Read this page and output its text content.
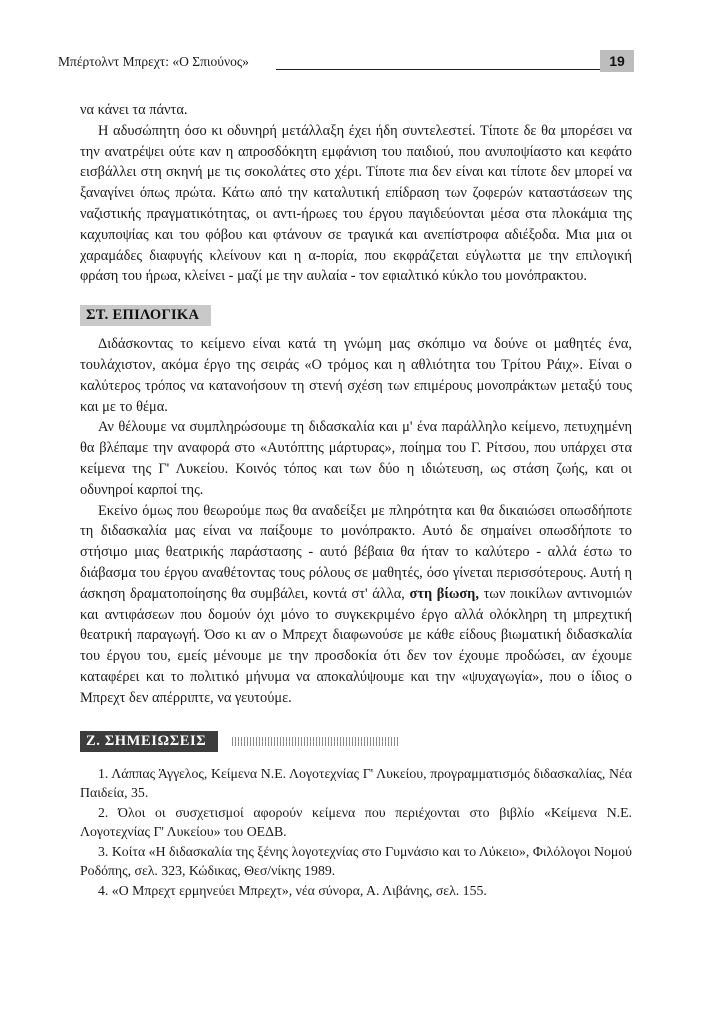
Μπέρτολντ Μπρεχτ: «Ο Σπιούνος»	19

να κάνει τα πάντα.

Η αδυσώπητη όσο κι οδυνηρή μετάλλαξη έχει ήδη συντελεστεί. Τίποτε δε θα μπορέσει να την ανατρέψει ούτε καν η απροσδόκητη εμφάνιση του παιδιού, που ανυποψίαστο και κεφάτο εισβάλλει στη σκηνή με τις σοκολάτες στο χέρι. Τίποτε πια δεν είναι και τίποτε δεν μπορεί να ξαναγίνει όπως πρώτα. Κάτω από την καταλυτική επίδραση των ζοφερών καταστάσεων της ναζιστικής πραγματικότητας, οι αντι-ήρωες του έργου παγιδεύονται μέσα στα πλοκάμια της καχυποψίας και του φόβου και φτάνουν σε τραγικά και ανεπίστροφα αδιέξοδα. Μια μια οι χαραμάδες διαφυγής κλείνουν και η α-πορία, που εκφράζεται εύγλωττα με την επιλογική φράση του ήρωα, κλείνει - μαζί με την αυλαία - τον εφιαλτικό κύκλο του μονόπρακτου.

ΣΤ. ΕΠΙΛΟΓΙΚΑ

Διδάσκοντας το κείμενο είναι κατά τη γνώμη μας σκόπιμο να δούνε οι μαθητές ένα, τουλάχιστον, ακόμα έργο της σειράς «Ο τρόμος και η αθλιότητα του Τρίτου Ράιχ». Είναι ο καλύτερος τρόπος να κατανοήσουν τη στενή σχέση των επιμέρους μονοπράκτων μεταξύ τους και με το θέμα.

Αν θέλουμε να συμπληρώσουμε τη διδασκαλία και μ' ένα παράλληλο κείμενο, πετυχημένη θα βλέπαμε την αναφορά στο «Αυτόπτης μάρτυρας», ποίημα του Γ. Ρίτσου, που υπάρχει στα κείμενα της Γ' Λυκείου. Κοινός τόπος και των δύο η ιδιώτευση, ως στάση ζωής, και οι οδυνηροί καρποί της.

Εκείνο όμως που θεωρούμε πως θα αναδείξει με πληρότητα και θα δικαιώσει οπωσδήποτε τη διδασκαλία μας είναι να παίξουμε το μονόπρακτο. Αυτό δε σημαίνει οπωσδήποτε το στήσιμο μιας θεατρικής παράστασης - αυτό βέβαια θα ήταν το καλύτερο - αλλά έστω το διάβασμα του έργου αναθέτοντας τους ρόλους σε μαθητές, όσο γίνεται περισσότερους. Αυτή η άσκηση δραματοποίησης θα συμβάλει, κοντά στ' άλλα, στη βίωση, των ποικίλων αντινομιών και αντιφάσεων που δομούν όχι μόνο το συγκεκριμένο έργο αλλά ολόκληρη τη μπρεχτική θεατρική παραγωγή. Όσο κι αν ο Μπρεχτ διαφωνούσε με κάθε είδους βιωματική διδασκαλία του έργου του, εμείς μένουμε με την προσδοκία ότι δεν τον έχουμε προδώσει, αν έχουμε καταφέρει και το πολιτικό μήνυμα να αποκαλύψουμε και την «ψυχαγωγία», που ο ίδιος ο Μπρεχτ δεν απέρριπτε, να γευτούμε.

Ζ. ΣΗΜΕΙΩΣΕΙΣ
1. Λάππας Άγγελος, Κείμενα Ν.Ε. Λογοτεχνίας Γ' Λυκείου, προγραμματισμός διδασκαλίας, Νέα Παιδεία, 35.
2. Όλοι οι συσχετισμοί αφορούν κείμενα που περιέχονται στο βιβλίο «Κείμενα Ν.Ε. Λογοτεχνίας Γ' Λυκείου» του ΟΕΔΒ.
3. Κοίτα «Η διδασκαλία της ξένης λογοτεχνίας στο Γυμνάσιο και το Λύκειο», Φιλόλογοι Νομού Ροδόπης, σελ. 323, Κώδικας, Θεσ/νίκης 1989.
4. «Ο Μπρεχτ ερμηνεύει Μπρεχτ», νέα σύνορα, Α. Λιβάνης, σελ. 155.
